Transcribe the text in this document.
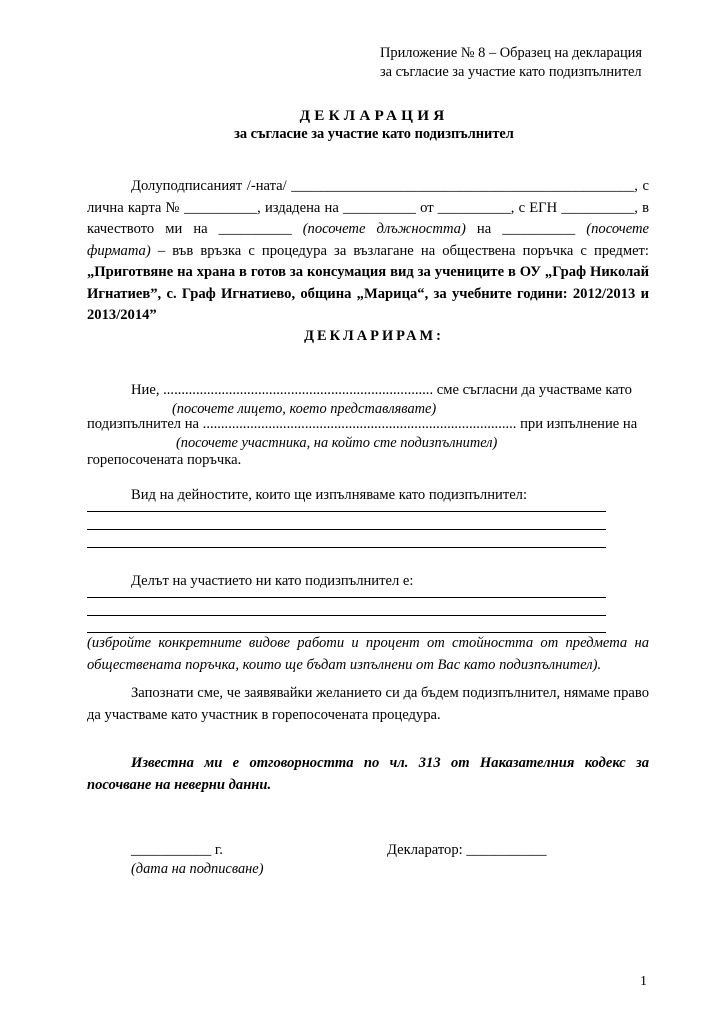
Приложение № 8 – Образец на декларация
за съгласие за участие като подизпълнител
ДЕКЛАРАЦИЯ
за съгласие за участие като подизпълнител

Долуподписаният /-ната/ _______________________________________________, с лична карта № __________, издадена на __________ от __________, с ЕГН __________, в качеството ми на __________ (посочете длъжността) на __________ (посочете фирмата) – във връзка с процедура за възлагане на обществена поръчка с предмет: „Приготвяне на храна в готов за консумация вид за учениците в ОУ „Граф Николай Игнатиев”, с. Граф Игнатиево, община „Марица“, за учебните години: 2012/2013 и 2013/2014”

ДЕКЛАРИРАМ:
Ние, .......................................................................... сме съгласни да участваме като
(посочете лицето, което представлявате)
подизпълнител на ...................................................................................... при изпълнение на
(посочете участника, на който сте подизпълнител)
горепосочената поръчка.
Вид на дейностите, които ще изпълняваме като подизпълнител:
Делът на участието ни като подизпълнител е:
(избройте конкретните видове работи и процент от стойността от предмета на обществената поръчка, които ще бъдат изпълнени от Вас като подизпълнител).

Запознати сме, че заявявайки желанието си да бъдем подизпълнител, нямаме право да участваме като участник в горепосочената процедура.

Известна ми е отговорността по чл. 313 от Наказателния кодекс за посочване на неверни данни.

___________ г.
(дата на подписване)
Декларатор: ___________
1
